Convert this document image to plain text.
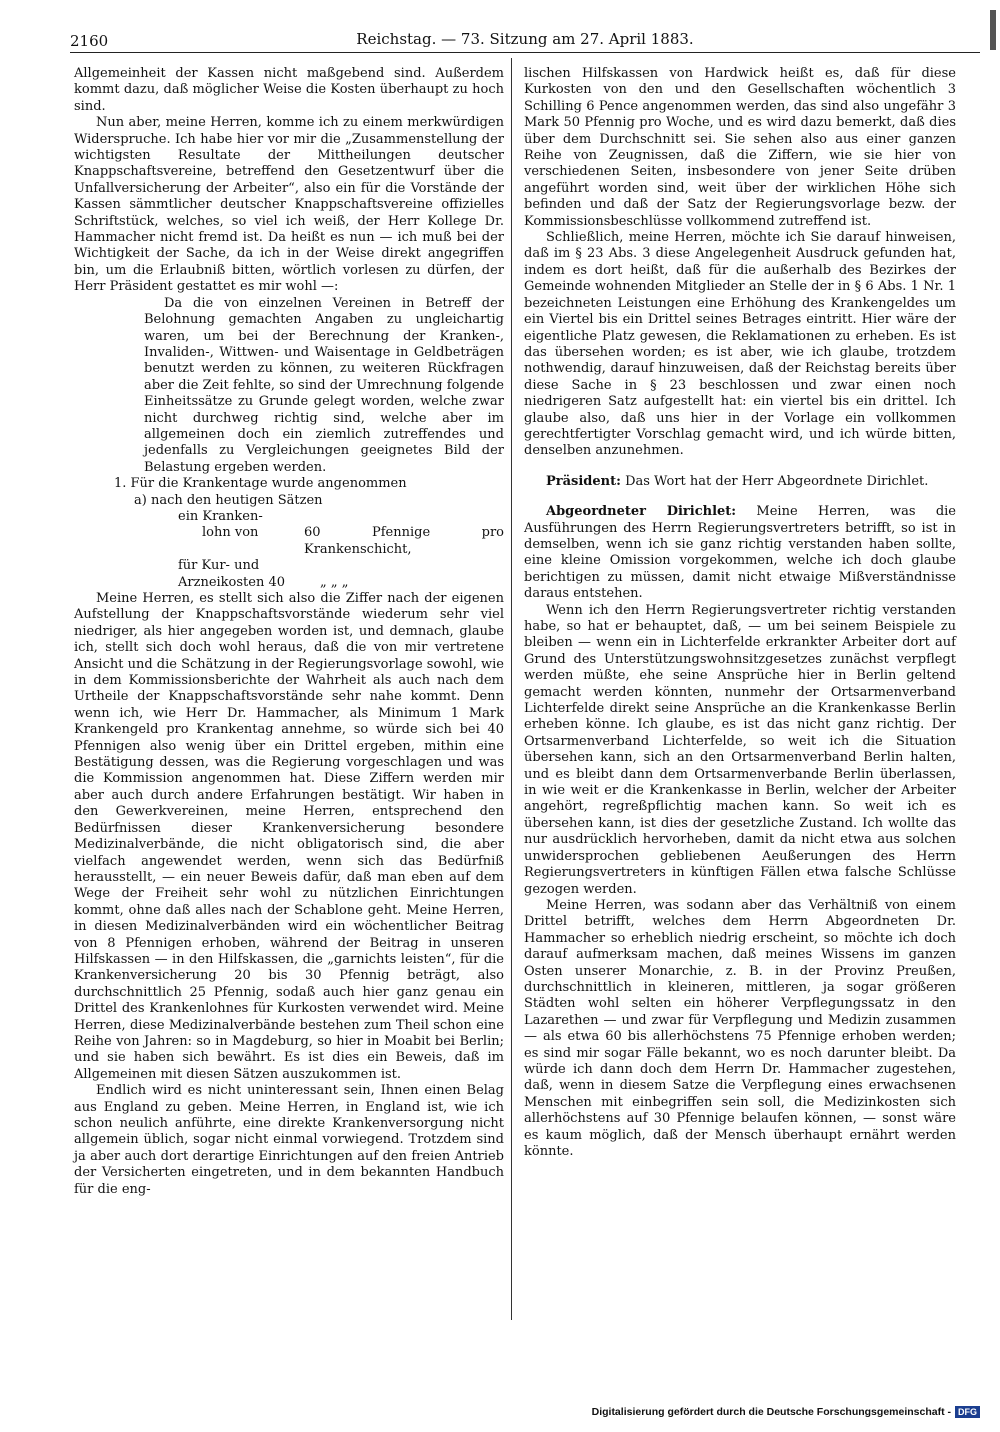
2160	Reichstag. — 73. Sitzung am 27. April 1883.

Allgemeinheit der Kassen nicht maßgebend sind. Außerdem kommt dazu, daß möglicher Weise die Kosten überhaupt zu hoch sind.

Nun aber, meine Herren, komme ich zu einem merkwürdigen Widerspruche. Ich habe hier vor mir die „Zusammenstellung der wichtigsten Resultate der Mittheilungen deutscher Knappschaftsvereine, betreffend den Gesetzentwurf über die Unfallversicherung der Arbeiter“, also ein für die Vorstände der Kassen sämmtlicher deutscher Knappschaftsvereine offizielles Schriftstück, welches, so viel ich weiß, der Herr Kollege Dr. Hammacher nicht fremd ist. Da heißt es nun — ich muß bei der Wichtigkeit der Sache, da ich in der Weise direkt angegriffen bin, um die Erlaubniß bitten, wörtlich vorlesen zu dürfen, der Herr Präsident gestattet es mir wohl —:

Da die von einzelnen Vereinen in Betreff der Belohnung gemachten Angaben zu ungleichartig waren, um bei der Berechnung der Kranken-, Invaliden-, Wittwen- und Waisentage in Geldbeträgen benutzt werden zu können, zu weiteren Rückfragen aber die Zeit fehlte, so sind der Umrechnung folgende Einheitssätze zu Grunde gelegt worden, welche zwar nicht durchweg richtig sind, welche aber im allgemeinen doch ein ziemlich zutreffendes und jedenfalls zu Vergleichungen geeignetes Bild der Belastung ergeben werden.

1. Für die Krankentage wurde angenommen

a) nach den heutigen Sätzen

ein Kranken-

lohn von	60 Pfennige pro Krankenschicht,

für Kur- und

Arzneikosten 40	„ „ „

Meine Herren, es stellt sich also die Ziffer nach der eigenen Aufstellung der Knappschaftsvorstände wiederum sehr viel niedriger, als hier angegeben worden ist, und demnach, glaube ich, stellt sich doch wohl heraus, daß die von mir vertretene Ansicht und die Schätzung in der Regierungsvorlage sowohl, wie in dem Kommissionsberichte der Wahrheit als auch nach dem Urtheile der Knappschaftsvorstände sehr nahe kommt. Denn wenn ich, wie Herr Dr. Hammacher, als Minimum 1 Mark Krankengeld pro Krankentag annehme, so würde sich bei 40 Pfennigen also wenig über ein Drittel ergeben, mithin eine Bestätigung dessen, was die Regierung vorgeschlagen und was die Kommission angenommen hat. Diese Ziffern werden mir aber auch durch andere Erfahrungen bestätigt. Wir haben in den Gewerkvereinen, meine Herren, entsprechend den Bedürfnissen dieser Krankenversicherung besondere Medizinalverbände, die nicht obligatorisch sind, die aber vielfach angewendet werden, wenn sich das Bedürfniß herausstellt, — ein neuer Beweis dafür, daß man eben auf dem Wege der Freiheit sehr wohl zu nützlichen Einrichtungen kommt, ohne daß alles nach der Schablone geht. Meine Herren, in diesen Medizinalverbänden wird ein wöchentlicher Beitrag von 8 Pfennigen erhoben, während der Beitrag in unseren Hilfskassen — in den Hilfskassen, die „garnichts leisten“, für die Krankenversicherung 20 bis 30 Pfennig beträgt, also durchschnittlich 25 Pfennig, sodaß auch hier ganz genau ein Drittel des Krankenlohnes für Kurkosten verwendet wird. Meine Herren, diese Medizinalverbände bestehen zum Theil schon eine Reihe von Jahren: so in Magdeburg, so hier in Moabit bei Berlin; und sie haben sich bewährt. Es ist dies ein Beweis, daß im Allgemeinen mit diesen Sätzen auszukommen ist.

Endlich wird es nicht uninteressant sein, Ihnen einen Belag aus England zu geben. Meine Herren, in England ist, wie ich schon neulich anführte, eine direkte Krankenversorgung nicht allgemein üblich, sogar nicht einmal vorwiegend. Trotzdem sind ja aber auch dort derartige Einrichtungen auf den freien Antrieb der Versicherten eingetreten, und in dem bekannten Handbuch für die eng-

lischen Hilfskassen von Hardwick heißt es, daß für diese Kurkosten von den und den Gesellschaften wöchentlich 3 Schilling 6 Pence angenommen werden, das sind also ungefähr 3 Mark 50 Pfennig pro Woche, und es wird dazu bemerkt, daß dies über dem Durchschnitt sei. Sie sehen also aus einer ganzen Reihe von Zeugnissen, daß die Ziffern, wie sie hier von verschiedenen Seiten, insbesondere von jener Seite drüben angeführt worden sind, weit über der wirklichen Höhe sich befinden und daß der Satz der Regierungsvorlage bezw. der Kommissionsbeschlüsse vollkommend zutreffend ist.

Schließlich, meine Herren, möchte ich Sie darauf hinweisen, daß im § 23 Abs. 3 diese Angelegenheit Ausdruck gefunden hat, indem es dort heißt, daß für die außerhalb des Bezirkes der Gemeinde wohnenden Mitglieder an Stelle der in § 6 Abs. 1 Nr. 1 bezeichneten Leistungen eine Erhöhung des Krankengeldes um ein Viertel bis ein Drittel seines Betrages eintritt. Hier wäre der eigentliche Platz gewesen, die Reklamationen zu erheben. Es ist das übersehen worden; es ist aber, wie ich glaube, trotzdem nothwendig, darauf hinzuweisen, daß der Reichstag bereits über diese Sache in § 23 beschlossen und zwar einen noch niedrigeren Satz aufgestellt hat: ein viertel bis ein drittel. Ich glaube also, daß uns hier in der Vorlage ein vollkommen gerechtfertigter Vorschlag gemacht wird, und ich würde bitten, denselben anzunehmen.

Präsident: Das Wort hat der Herr Abgeordnete Dirichlet.

Abgeordneter Dirichlet: Meine Herren, was die Ausführungen des Herrn Regierungsvertreters betrifft, so ist in demselben, wenn ich sie ganz richtig verstanden haben sollte, eine kleine Omission vorgekommen, welche ich doch glaube berichtigen zu müssen, damit nicht etwaige Mißverständnisse daraus entstehen.

Wenn ich den Herrn Regierungsvertreter richtig verstanden habe, so hat er behauptet, daß, — um bei seinem Beispiele zu bleiben — wenn ein in Lichterfelde erkrankter Arbeiter dort auf Grund des Unterstützungswohnsitzgesetzes zunächst verpflegt werden müßte, ehe seine Ansprüche hier in Berlin geltend gemacht werden könnten, nunmehr der Ortsarmenverband Lichterfelde direkt seine Ansprüche an die Krankenkasse Berlin erheben könne. Ich glaube, es ist das nicht ganz richtig. Der Ortsarmenverband Lichterfelde, so weit ich die Situation übersehen kann, sich an den Ortsarmenverband Berlin halten, und es bleibt dann dem Ortsarmenverbande Berlin überlassen, in wie weit er die Krankenkasse in Berlin, welcher der Arbeiter angehört, regreßpflichtig machen kann. So weit ich es übersehen kann, ist dies der gesetzliche Zustand. Ich wollte das nur ausdrücklich hervorheben, damit da nicht etwa aus solchen unwidersprochen gebliebenen Aeußerungen des Herrn Regierungsvertreters in künftigen Fällen etwa falsche Schlüsse gezogen werden.

Meine Herren, was sodann aber das Verhältniß von einem Drittel betrifft, welches dem Herrn Abgeordneten Dr. Hammacher so erheblich niedrig erscheint, so möchte ich doch darauf aufmerksam machen, daß meines Wissens im ganzen Osten unserer Monarchie, z. B. in der Provinz Preußen, durchschnittlich in kleineren, mittleren, ja sogar größeren Städten wohl selten ein höherer Verpflegungssatz in den Lazarethen — und zwar für Verpflegung und Medizin zusammen — als etwa 60 bis allerhöchstens 75 Pfennige erhoben werden; es sind mir sogar Fälle bekannt, wo es noch darunter bleibt. Da würde ich dann doch dem Herrn Dr. Hammacher zugestehen, daß, wenn in diesem Satze die Verpflegung eines erwachsenen Menschen mit einbegriffen sein soll, die Medizinkosten sich allerhöchstens auf 30 Pfennige belaufen können, — sonst wäre es kaum möglich, daß der Mensch überhaupt ernährt werden könnte.

Digitalisierung gefördert durch die Deutsche Forschungsgemeinschaft - DFG
